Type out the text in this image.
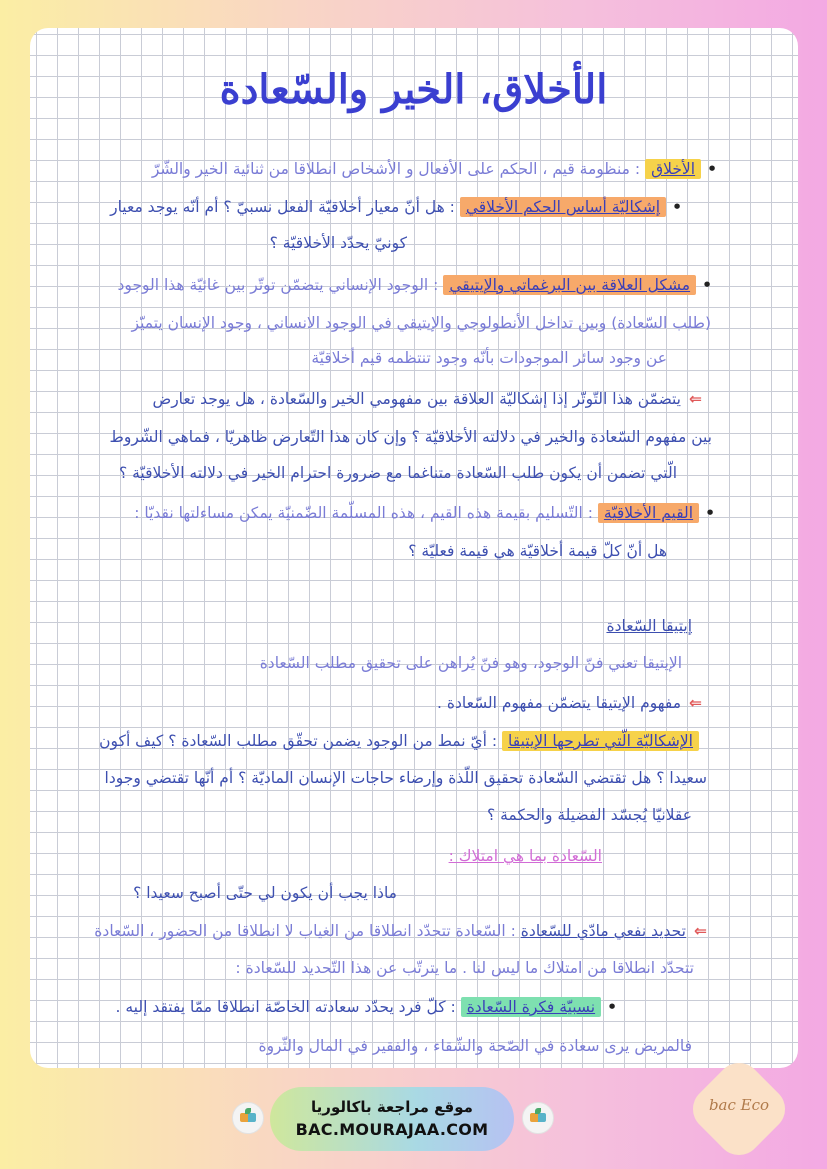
الأخلاق، الخير والسّعادة
•الأخلاق : منظومة قيم ، الحكم على الأفعال و الأشخاص انطلاقا من ثنائية الخير والشّرّ
•إشكاليّة أساس الحكم الأخلاقي : هل أنّ معيار أخلاقيّة الفعل نسبيّ ؟ أم أنّه يوجد معيار
كونيّ يحدّد الأخلاقيّة ؟
•مشكل العلاقة بين البرغماتي والإيتيقي : الوجود الإنساني يتضمّن توتّر بين غائيّة هذا الوجود
(طلب السّعادة) وبين تداخل الأنطولوجي والإيتيقي في الوجود الانساني ، وجود الإنسان يتميّز
عن وجود سائر الموجودات بأنّه وجود تنتظمه قيم أخلاقيّة
⇐يتضمّن هذا التّوتّر إذا إشكاليّة العلاقة بين مفهومي الخير والسّعادة ، هل يوجد تعارض
بين مفهوم السّعادة والخير في دلالته الأخلاقيّة ؟ وإن كان هذا التّعارض ظاهريّا ، فماهي الشّروط
الّتي تضمن أن يكون طلب السّعادة متناغما مع ضرورة احترام الخير في دلالته الأخلاقيّة ؟
•القيم الأخلاقيّة : التّسليم بقيمة هذه القيم ، هذه المسلّمة الضّمنيّة يمكن مساءلتها نقديّا :
هل أنّ كلّ قيمة أخلاقيّة هي قيمة فعليّة ؟
إيتيقا السّعادة
الإيتيقا تعني فنّ الوجود، وهو فنّ يُراهن على تحقيق مطلب السّعادة
⇐مفهوم الإيتيقا يتضمّن مفهوم السّعادة .
الإشكاليّة الّتي تطرحها الإيتيقا : أيّ نمط من الوجود يضمن تحقّق مطلب السّعادة ؟ كيف أكون
سعيدا ؟ هل تقتضي السّعادة تحقيق اللّذة وإرضاء حاجات الإنسان الماديّة ؟ أم أنّها تقتضي وجودا
عقلانيّا يُجسّد الفضيلة والحكمة ؟
السّعادة بما هي امتلاك :
ماذا يجب أن يكون لي حتّى أصبح سعيدا ؟
⇐تحديد نفعي مادّي للسّعادة : السّعادة تتحدّد انطلاقا من الغياب لا انطلاقا من الحضور ، السّعادة
تتحدّد انطلاقا من امتلاك ما ليس لنا . ما يترتّب عن هذا التّحديد للسّعادة :
•نسبيّة فكرة السّعادة : كلّ فرد يحدّد سعادته الخاصّة انطلاقا ممّا يفتقد إليه .
فالمريض يرى سعادة في الصّحة والشّقاء ، والفقير في المال والثّروة
موقع مراجعة باكالوريا
BAC.MOURAJAA.COM
bac Eco
